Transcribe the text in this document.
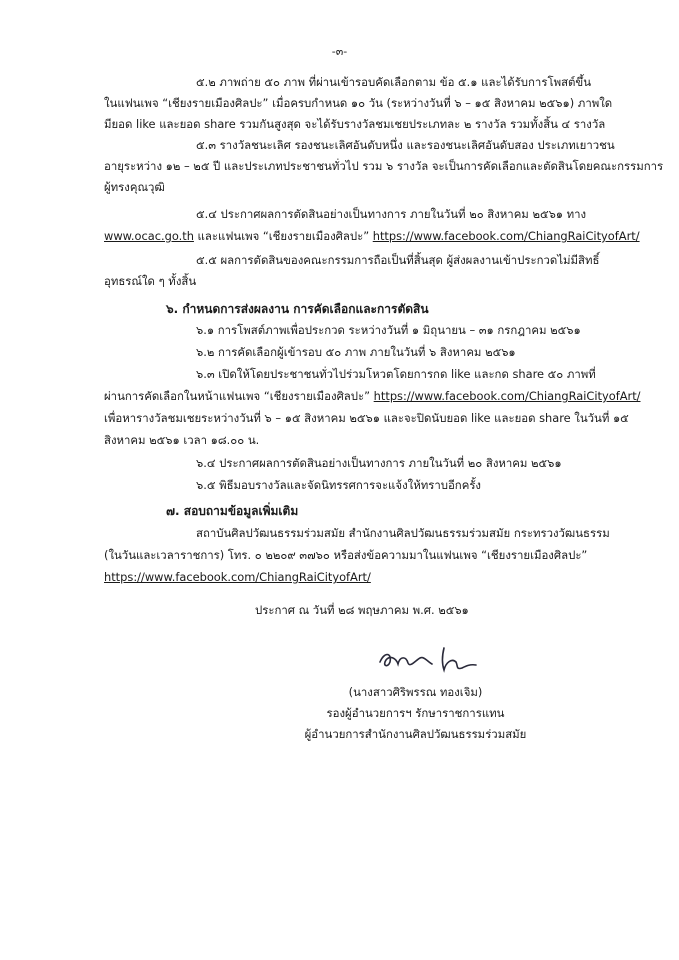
-๓-
๕.๒ ภาพถ่าย ๕๐ ภาพ ที่ผ่านเข้ารอบคัดเลือกตาม ข้อ ๕.๑ และได้รับการโพสต์ขึ้น
ในแฟนเพจ “เชียงรายเมืองศิลปะ” เมื่อครบกำหนด ๑๐ วัน (ระหว่างวันที่ ๖ – ๑๕ สิงหาคม ๒๕๖๑) ภาพใด
มียอด like และยอด share รวมกันสูงสุด จะได้รับรางวัลชมเชยประเภทละ ๒ รางวัล รวมทั้งสิ้น ๔ รางวัล
๕.๓ รางวัลชนะเลิศ รองชนะเลิศอันดับหนึ่ง และรองชนะเลิศอันดับสอง ประเภทเยาวชน
อายุระหว่าง ๑๒ – ๒๕ ปี และประเภทประชาชนทั่วไป รวม ๖ รางวัล จะเป็นการคัดเลือกและตัดสินโดยคณะกรรมการ
ผู้ทรงคุณวุฒิ
๕.๔ ประกาศผลการตัดสินอย่างเป็นทางการ ภายในวันที่ ๒๐ สิงหาคม ๒๕๖๑ ทาง
www.ocac.go.th และแฟนเพจ “เชียงรายเมืองศิลปะ” https://www.facebook.com/ChiangRaiCityofArt/
๕.๕ ผลการตัดสินของคณะกรรมการถือเป็นที่สิ้นสุด ผู้ส่งผลงานเข้าประกวดไม่มีสิทธิ์
อุทธรณ์ใด ๆ ทั้งสิ้น
๖. กำหนดการส่งผลงาน การคัดเลือกและการตัดสิน
๖.๑ การโพสต์ภาพเพื่อประกวด ระหว่างวันที่ ๑ มิถุนายน – ๓๑ กรกฎาคม ๒๕๖๑
๖.๒ การคัดเลือกผู้เข้ารอบ ๕๐ ภาพ ภายในวันที่ ๖ สิงหาคม ๒๕๖๑
๖.๓ เปิดให้โดยประชาชนทั่วไปร่วมโหวตโดยการกด like และกด share ๕๐ ภาพที่
ผ่านการคัดเลือกในหน้าแฟนเพจ “เชียงรายเมืองศิลปะ” https://www.facebook.com/ChiangRaiCityofArt/
เพื่อหารางวัลชมเชยระหว่างวันที่ ๖ – ๑๕ สิงหาคม ๒๕๖๑ และจะปิดนับยอด like และยอด share ในวันที่ ๑๕
สิงหาคม ๒๕๖๑ เวลา ๑๘.๐๐ น.
๖.๔ ประกาศผลการตัดสินอย่างเป็นทางการ ภายในวันที่ ๒๐ สิงหาคม ๒๕๖๑
๖.๕ พิธีมอบรางวัลและจัดนิทรรศการจะแจ้งให้ทราบอีกครั้ง
๗. สอบถามข้อมูลเพิ่มเติม
สถาบันศิลปวัฒนธรรมร่วมสมัย สำนักงานศิลปวัฒนธรรมร่วมสมัย กระทรวงวัฒนธรรม
(ในวันและเวลาราชการ) โทร. ๐ ๒๒๐๙ ๓๗๖๐ หรือส่งข้อความมาในแฟนเพจ “เชียงรายเมืองศิลปะ”
https://www.facebook.com/ChiangRaiCityofArt/
ประกาศ ณ วันที่ ๒๘ พฤษภาคม พ.ศ. ๒๕๖๑
(นางสาวศิริพรรณ ทองเจิม)
รองผู้อำนวยการฯ รักษาราชการแทน
ผู้อำนวยการสำนักงานศิลปวัฒนธรรมร่วมสมัย
